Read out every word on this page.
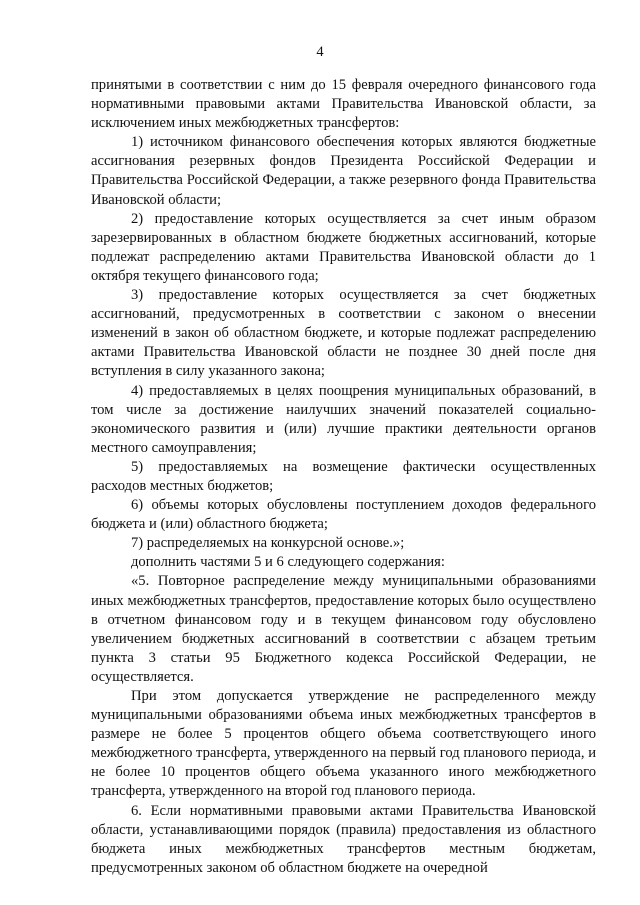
4

принятыми в соответствии с ним до 15 февраля очередного финансового года нормативными правовыми актами Правительства Ивановской области, за исключением иных межбюджетных трансфертов:

1) источником финансового обеспечения которых являются бюджетные ассигнования резервных фондов Президента Российской Федерации и Правительства Российской Федерации, а также резервного фонда Правительства Ивановской области;

2) предоставление которых осуществляется за счет иным образом зарезервированных в областном бюджете бюджетных ассигнований, которые подлежат распределению актами Правительства Ивановской области до 1 октября текущего финансового года;

3) предоставление которых осуществляется за счет бюджетных ассигнований, предусмотренных в соответствии с законом о внесении изменений в закон об областном бюджете, и которые подлежат распределению актами Правительства Ивановской области не позднее 30 дней после дня вступления в силу указанного закона;

4) предоставляемых в целях поощрения муниципальных образований, в том числе за достижение наилучших значений показателей социально-экономического развития и (или) лучшие практики деятельности органов местного самоуправления;

5) предоставляемых на возмещение фактически осуществленных расходов местных бюджетов;

6) объемы которых обусловлены поступлением доходов федерального бюджета и (или) областного бюджета;

7) распределяемых на конкурсной основе.»;

дополнить частями 5 и 6 следующего содержания:

«5. Повторное распределение между муниципальными образованиями иных межбюджетных трансфертов, предоставление которых было осуществлено в отчетном финансовом году и в текущем финансовом году обусловлено увеличением бюджетных ассигнований в соответствии с абзацем третьим пункта 3 статьи 95 Бюджетного кодекса Российской Федерации, не осуществляется.

При этом допускается утверждение не распределенного между муниципальными образованиями объема иных межбюджетных трансфертов в размере не более 5 процентов общего объема соответствующего иного межбюджетного трансферта, утвержденного на первый год планового периода, и не более 10 процентов общего объема указанного иного межбюджетного трансферта, утвержденного на второй год планового периода.

6. Если нормативными правовыми актами Правительства Ивановской области, устанавливающими порядок (правила) предоставления из областного бюджета иных межбюджетных трансфертов местным бюджетам, предусмотренных законом об областном бюджете на очередной
